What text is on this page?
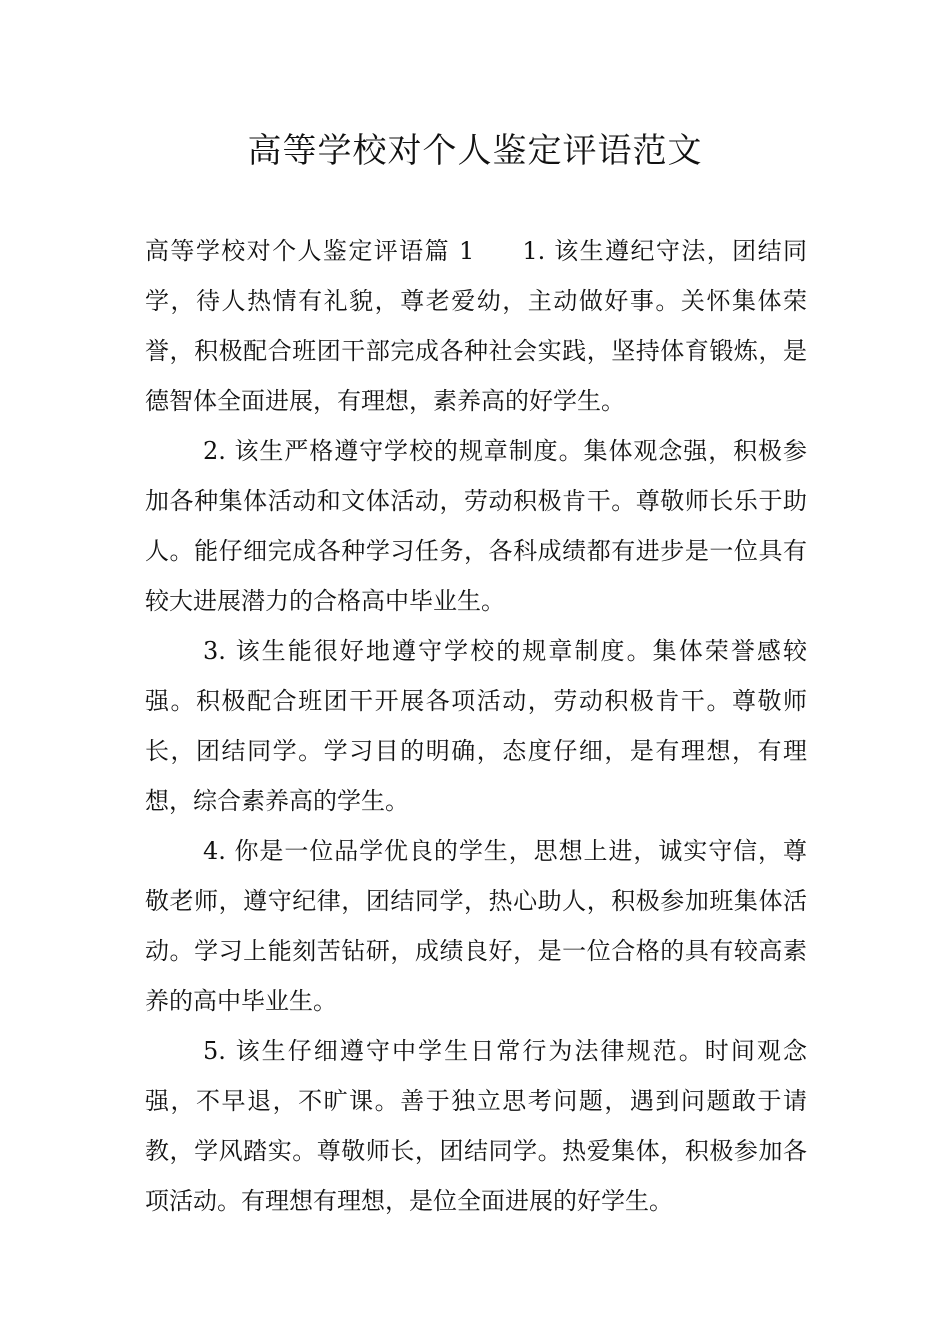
高等学校对个人鉴定评语范文

高等学校对个人鉴定评语篇 1 1. 该生遵纪守法，团结同学，待人热情有礼貌，尊老爱幼，主动做好事。关怀集体荣誉，积极配合班团干部完成各种社会实践，坚持体育锻炼，是德智体全面进展，有理想，素养高的好学生。

2. 该生严格遵守学校的规章制度。集体观念强，积极参加各种集体活动和文体活动，劳动积极肯干。尊敬师长乐于助人。能仔细完成各种学习任务，各科成绩都有进步是一位具有较大进展潜力的合格高中毕业生。

3. 该生能很好地遵守学校的规章制度。集体荣誉感较强。积极配合班团干开展各项活动，劳动积极肯干。尊敬师长，团结同学。学习目的明确，态度仔细，是有理想，有理想，综合素养高的学生。

4. 你是一位品学优良的学生，思想上进，诚实守信，尊敬老师，遵守纪律，团结同学，热心助人，积极参加班集体活动。学习上能刻苦钻研，成绩良好，是一位合格的具有较高素养的高中毕业生。

5. 该生仔细遵守中学生日常行为法律规范。时间观念强，不早退，不旷课。善于独立思考问题，遇到问题敢于请教，学风踏实。尊敬师长，团结同学。热爱集体，积极参加各项活动。有理想有理想，是位全面进展的好学生。
